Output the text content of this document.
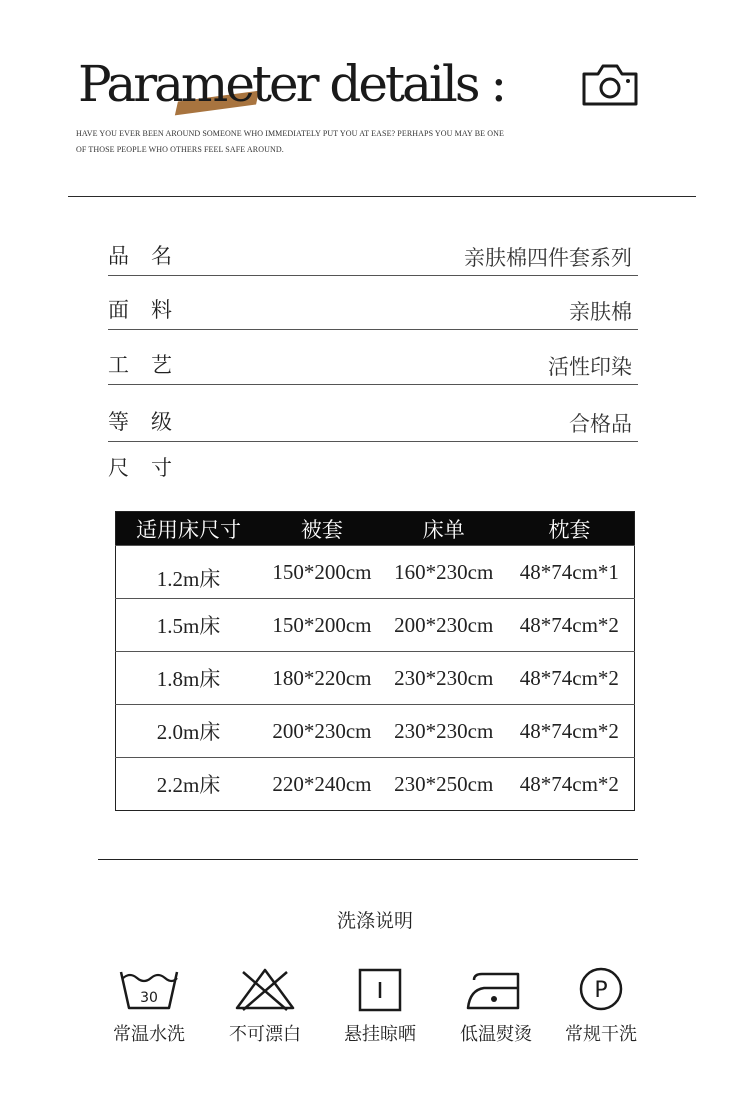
Parameter details :
HAVE YOU EVER BEEN AROUND SOMEONE WHO IMMEDIATELY PUT YOU AT EASE? PERHAPS YOU MAY BE ONE OF THOSE PEOPLE WHO OTHERS FEEL SAFE AROUND.
品名	亲肤棉四件套系列
面料	亲肤棉
工艺	活性印染
等级	合格品
尺寸
适用床尺寸	被套	床单	枕套
1.2m床	150*200cm	160*230cm	48*74cm*1
1.5m床	150*200cm	200*230cm	48*74cm*2
1.8m床	180*220cm	230*230cm	48*74cm*2
2.0m床	200*230cm	230*230cm	48*74cm*2
2.2m床	220*240cm	230*250cm	48*74cm*2
洗涤说明
30
常温水洗	不可漂白	悬挂晾晒	低温熨烫
P
常规干洗
